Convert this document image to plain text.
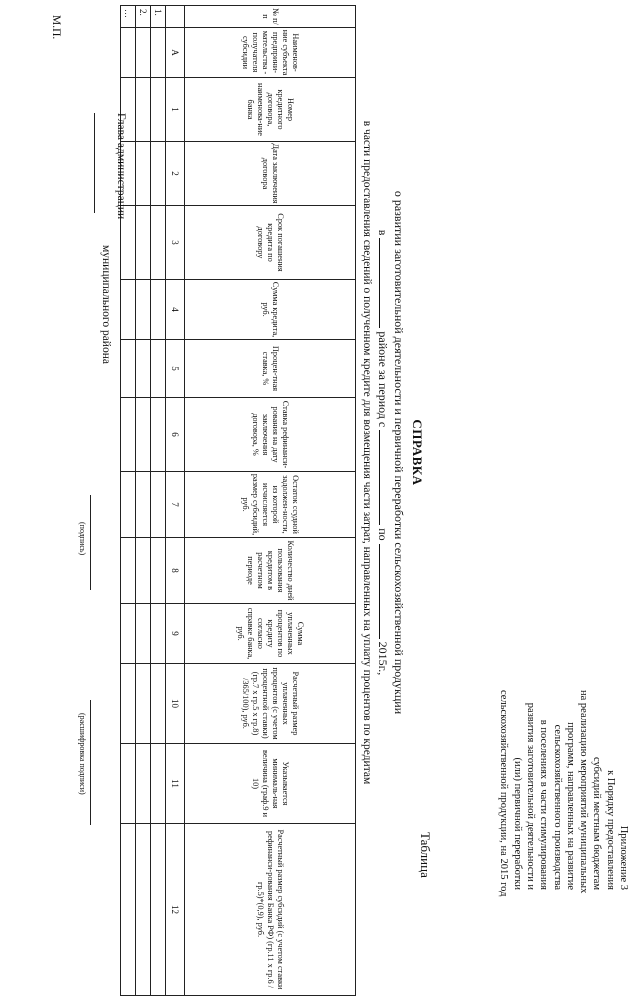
Приложение 3
к Порядку предоставления
субсидий местным бюджетам
на реализацию мероприятий муниципальных
программ, направленных на развитие
сельскохозяйственного производства
в поселениях в части стимулирования
развития заготовительной деятельности и
(или) первичной переработки
сельскохозяйственной продукции, на 2015 год
Таблица
СПРАВКА
о развитии заготовительной деятельности и первичной переработки сельскохозяйственной продукции
в  районе за период с  по  2015г.,
в части предоставления сведений о полученном кредите для возмещения части затрат, направленных на уплату процентов по кредитам
№ п/п	Наименов-ние субъекта предприни-мательства - получателя субсидии	Номер кредитного договора, наименова-ние банка	Дата заключения договора	Срок погашения кредита по договору	Сумма кредита, руб.	Процен-тная ставка, %	Ставка рефинанси-рования на дату заключения договора, %	Остаток ссудной задолжен-ности, из которой исчисляется размер субсидий, руб.	Количество дней пользования кредитом в расчетном периоде	Сумма уплаченных процентов по кредиту согласно справке банка, руб.	Расчетный размер уплаченных процентов (с учетом процентной ставки) (гр.7 х гр.5 х гр.8) /365/100), руб.	Указывается минималь-ная величина (граф.9 и 10)	Расчетный размер субсидий (с учетом ставки рефинанси-рования Банка РФ) (гр.11 х гр.6 / гр.5)*(0,9), руб.
	А	1	2	3	4	5	6	7	8	9	10	11	12
1.													
2.													
…													
Глава администрации
муниципального района
(подпись)
(расшифровка подписи)
М.П.
